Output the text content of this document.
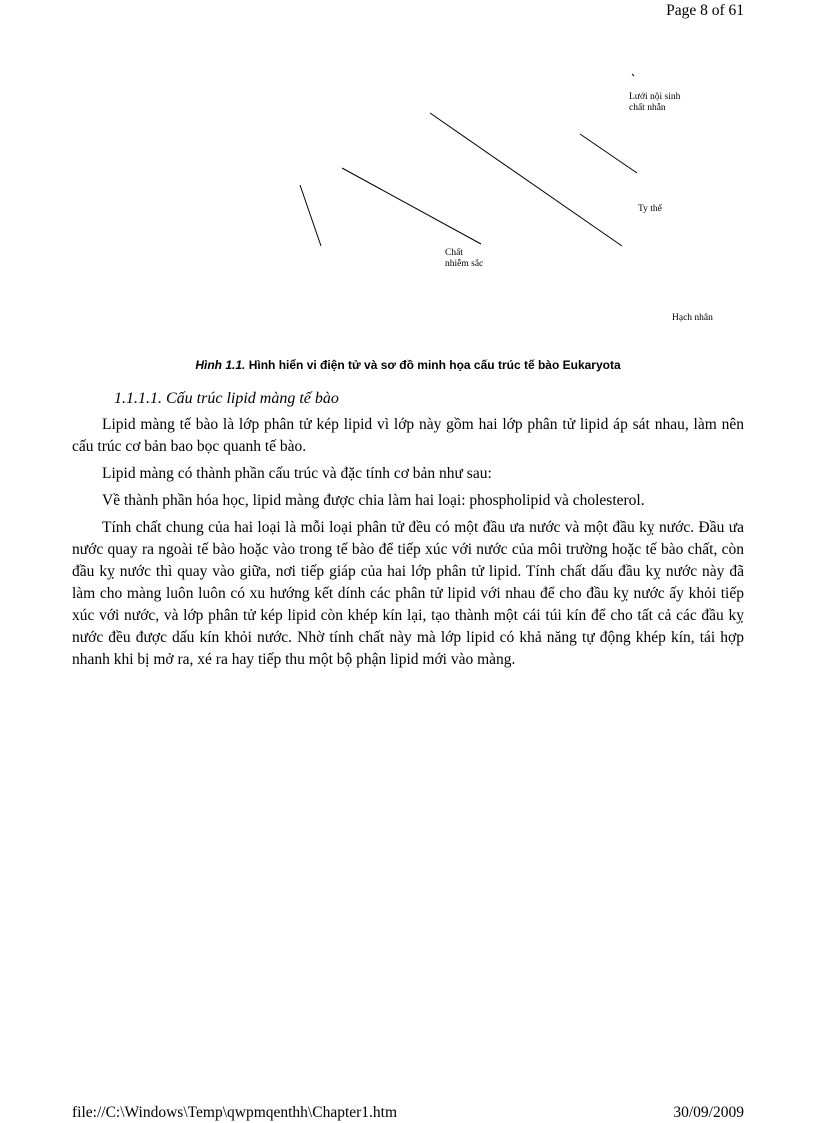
Page 8 of 61
Lưới nội sinh
chất nhẫn
Ty thể
Chất
nhiễm sắc
Hạch nhân
Hình 1.1. Hình hiển vi điện tử và sơ đồ minh họa cấu trúc tế bào Eukaryota
1.1.1.1. Cấu trúc lipid màng tế bào

Lipid màng tế bào là lớp phân tử kép lipid vì lớp này gồm hai lớp phân tử lipid áp sát nhau, làm nên cấu trúc cơ bản bao bọc quanh tế bào.

Lipid màng có thành phần cấu trúc và đặc tính cơ bản như sau:

Về thành phần hóa học, lipid màng được chia làm hai loại: phospholipid và cholesterol.

Tính chất chung của hai loại là mỗi loại phân tử đều có một đầu ưa nước và một đầu kỵ nước. Đầu ưa nước quay ra ngoài tế bào hoặc vào trong tế bào để tiếp xúc với nước của môi trường hoặc tế bào chất, còn đầu kỵ nước thì quay vào giữa, nơi tiếp giáp của hai lớp phân tử lipid. Tính chất dấu đầu kỵ nước này đã làm cho màng luôn luôn có xu hướng kết dính các phân tử lipid với nhau để cho đầu kỵ nước ấy khỏi tiếp xúc với nước, và lớp phân tử kép lipid còn khép kín lại, tạo thành một cái túi kín để cho tất cả các đầu kỵ nước đều được dấu kín khỏi nước. Nhờ tính chất này mà lớp lipid có khả năng tự động khép kín, tái hợp nhanh khi bị mở ra, xé ra hay tiếp thu một bộ phận lipid mới vào màng.

file://C:\Windows\Temp\qwpmqenthh\Chapter1.htm	30/09/2009
